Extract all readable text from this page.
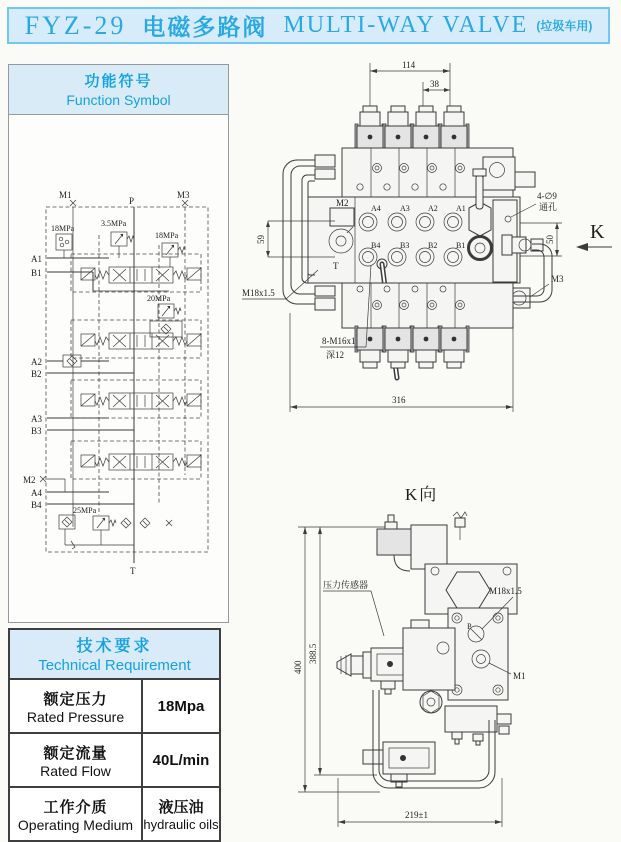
FYZ-29 电磁多路阀 MULTI-WAY VALVE (垃圾车用)
功能符号
Function Symbol
M1
P
M3
18MPa
3.5MPa
18MPa
A1
B1
A2
B2
A3
B3
M2
A4
B4
20MPa
25MPa
T
技术要求
Technical Requirement
额定压力
Rated Pressure
18Mpa
额定流量
Rated Flow
40L/min
工作介质
Operating Medium
液压油
hydraulic oils
114
38
M2
T
A4 A3 A2 A1
B4 B3 B2 B1
4-∅9
通孔
50 K
M3
M18x1.5
59
8-M16x1
深12
316
K向
400
388.5
P
M18x1.5
M1
压力传感器
219±1
